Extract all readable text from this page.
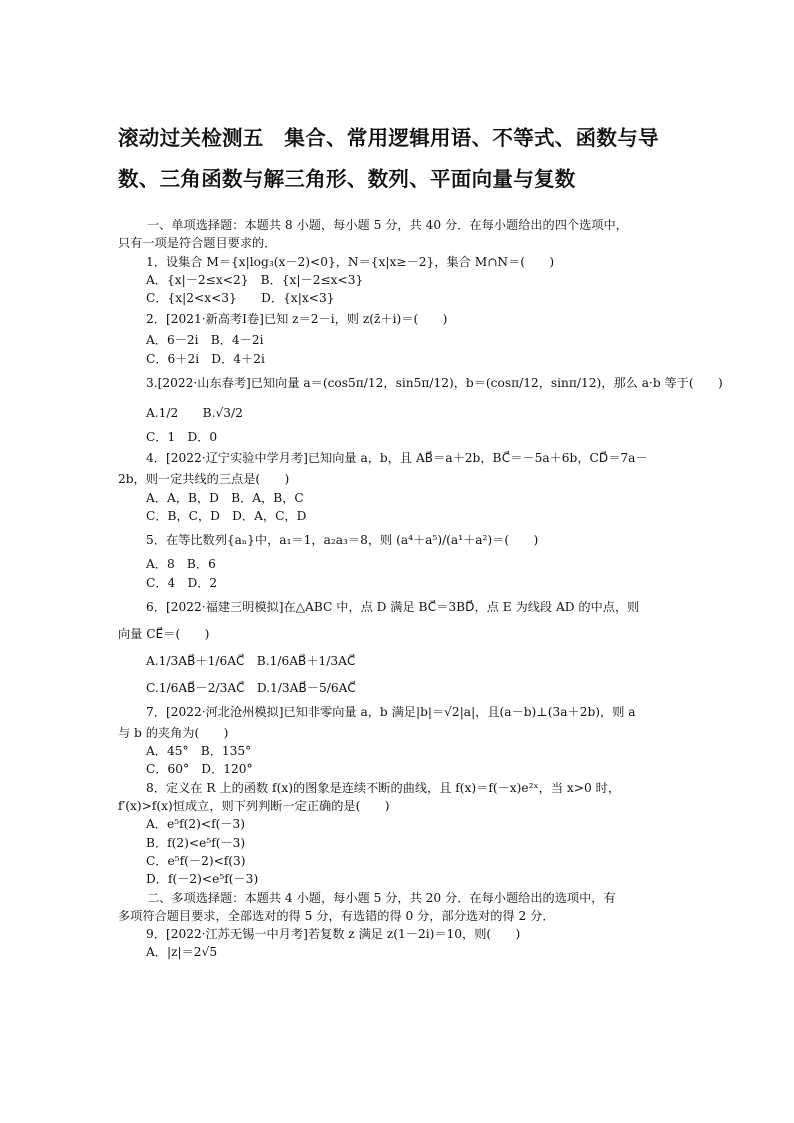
滚动过关检测五　集合、常用逻辑用语、不等式、函数与导
数、三角函数与解三角形、数列、平面向量与复数

一、单项选择题：本题共 8 小题，每小题 5 分，共 40 分．在每小题给出的四个选项中，

只有一项是符合题目要求的．

1．设集合 M＝{x|log₃(x－2)<0}，N＝{x|x≥－2}，集合 M∩N＝(　　)

A．{x|－2≤x<2}　B．{x|－2≤x<3}

C．{x|2<x<3}　　D．{x|x<3}

2．[2021·新高考Ⅰ卷]已知 z＝2－i，则 z(z̄＋i)＝(　　)

A．6－2i　B．4－2i

C．6＋2i　D．4＋2i

3.[2022·山东春考]已知向量 a＝(cos5π/12，sin5π/12)，b＝(cosπ/12，sinπ/12)，那么 a·b 等于(　　)

A.1/2　　B.√3/2

C．1　D．0

4．[2022·辽宁实验中学月考]已知向量 a，b，且 AB⃗＝a＋2b，BC⃗＝－5a＋6b，CD⃗＝7a－

2b，则一定共线的三点是(　　)

A．A，B，D　B．A，B，C

C．B，C，D　D．A，C，D

5．在等比数列{aₙ}中，a₁＝1，a₂a₃＝8，则 (a⁴＋a⁵)/(a¹＋a²)＝(　　)

A．8　B．6

C．4　D．2

6．[2022·福建三明模拟]在△ABC 中，点 D 满足 BC⃗＝3BD⃗，点 E 为线段 AD 的中点，则

向量 CE⃗＝(　　)

A.1/3AB⃗＋1/6AC⃗　B.1/6AB⃗＋1/3AC⃗

C.1/6AB⃗－2/3AC⃗　D.1/3AB⃗－5/6AC⃗

7．[2022·河北沧州模拟]已知非零向量 a，b 满足|b|＝√2|a|，且(a－b)⊥(3a＋2b)，则 a

与 b 的夹角为(　　)

A．45°　B．135°

C．60°　D．120°

8．定义在 R 上的函数 f(x)的图象是连续不断的曲线，且 f(x)＝f(－x)e²ˣ，当 x>0 时，

f′(x)>f(x)恒成立，则下列判断一定正确的是(　　)

A．e⁵f(2)<f(－3)

B．f(2)<e⁵f(－3)

C．e⁵f(－2)<f(3)

D．f(－2)<e⁵f(－3)

二、多项选择题：本题共 4 小题，每小题 5 分，共 20 分．在每小题给出的选项中，有

多项符合题目要求，全部选对的得 5 分，有选错的得 0 分，部分选对的得 2 分．

9．[2022·江苏无锡一中月考]若复数 z 满足 z(1－2i)＝10，则(　　)

A．|z|＝2√5
